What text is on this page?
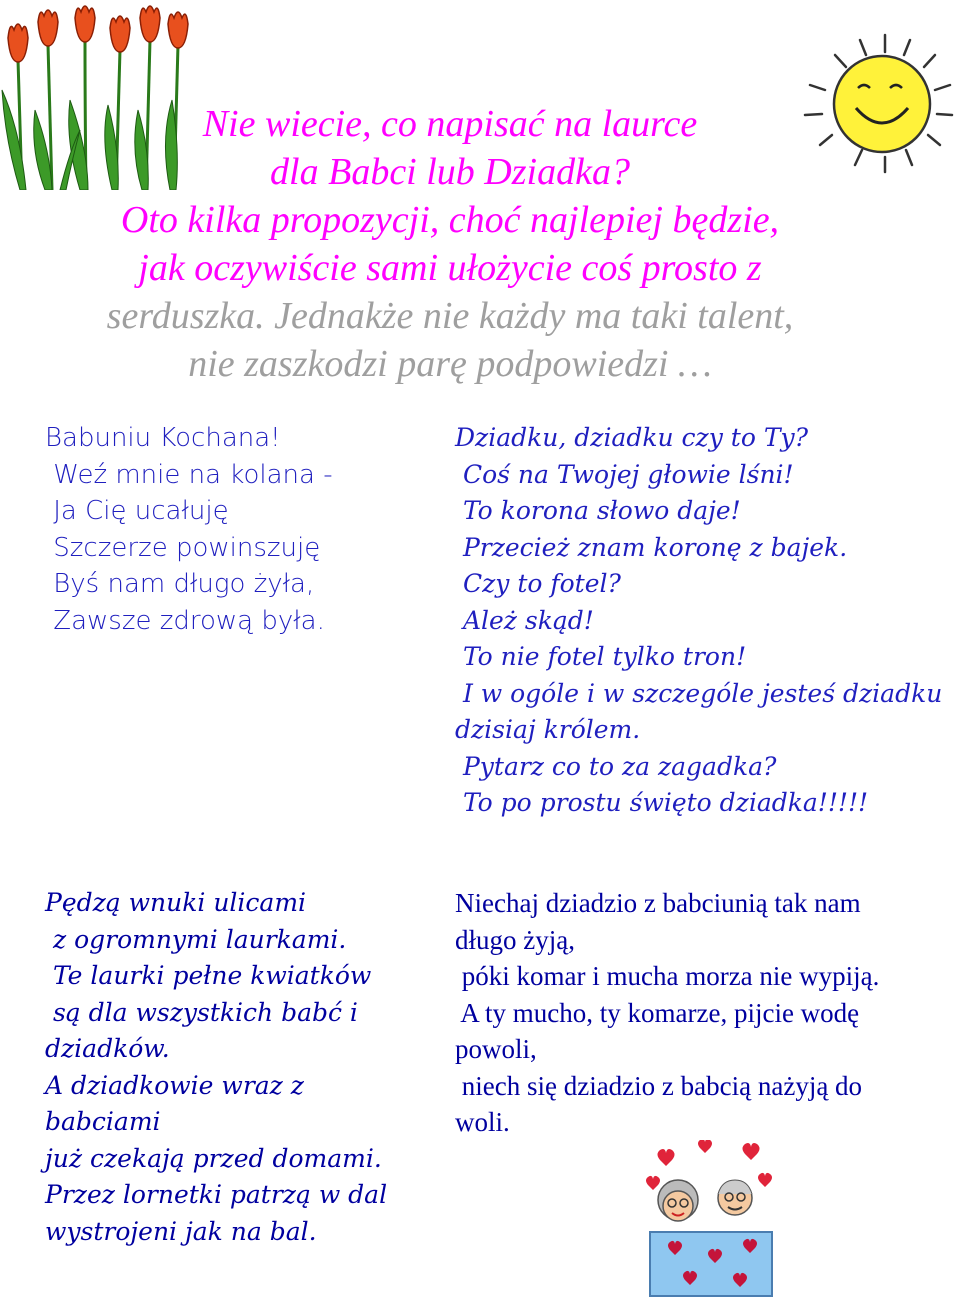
Nie wiecie, co napisać na laurce
dla Babci lub Dziadka?
Oto kilka propozycji, choć najlepiej będzie,
jak oczywiście sami ułożycie coś prosto z
serduszka. Jednakże nie każdy ma taki talent,
nie zaszkodzi parę podpowiedzi …
Babuniu Kochana!
Weź mnie na kolana -
Ja Cię ucałuję
Szczerze powinszuję
Byś nam długo żyła,
Zawsze zdrową była.
Dziadku, dziadku czy to Ty?
Coś na Twojej głowie lśni!
To korona słowo daje!
Przecież znam koronę z bajek.
Czy to fotel?
Ależ skąd!
To nie fotel tylko tron!
I w ogóle i w szczególe jesteś dziadku
dzisiaj królem.
Pytarz co to za zagadka?
To po prostu święto dziadka!!!!!
Pędzą wnuki ulicami
z ogromnymi laurkami.
Te laurki pełne kwiatków
są dla wszystkich babć i
dziadków.
A dziadkowie wraz z
babciami
już czekają przed domami.
Przez lornetki patrzą w dal
wystrojeni jak na bal.
Niechaj dziadzio z babciunią tak nam
długo żyją,
póki komar i mucha morza nie wypiją.
A ty mucho, ty komarze, pijcie wodę
powoli,
niech się dziadzio z babcią nażyją do
woli.
